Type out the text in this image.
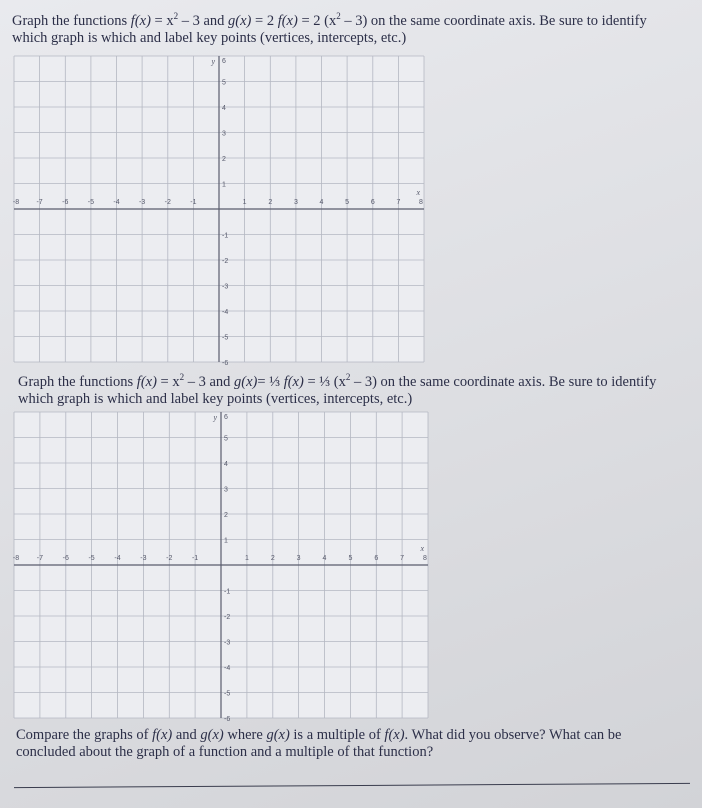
Graph the functions $f(x) = x^2 - 3$ and g(x) = 2 f(x) = 2 $(x^2 - 3)$ on the same coordinate axis. Be sure to identify
which graph is which and label key points (vertices, intercepts, etc.)
-8 -7	-6	-5	-4	-3	-2	-1	1	2	3	4	5	6	7	8
6
5
4
3
2
1
-1
-2
-3
-4
-5
-6
x
y
Graph the functions $f(x) = x^2 - 3$ and g(x)= ⅓ f(x) = ⅓ $(x^2 - 3)$ on the same coordinate axis. Be sure to identify
which graph is which and label key points (vertices, intercepts, etc.)
-8	-7	-6	-5	-4	-3	-2	-1	1	2	3	4	5	6	7	8
6
5
4
3
2
1
-1
-2
-3
-4
-5
-6
x
y
Compare the graphs of f(x) and g(x) where g(x) is a multiple of f(x). What did you observe? What can be
concluded about the graph of a function and a multiple of that function?
